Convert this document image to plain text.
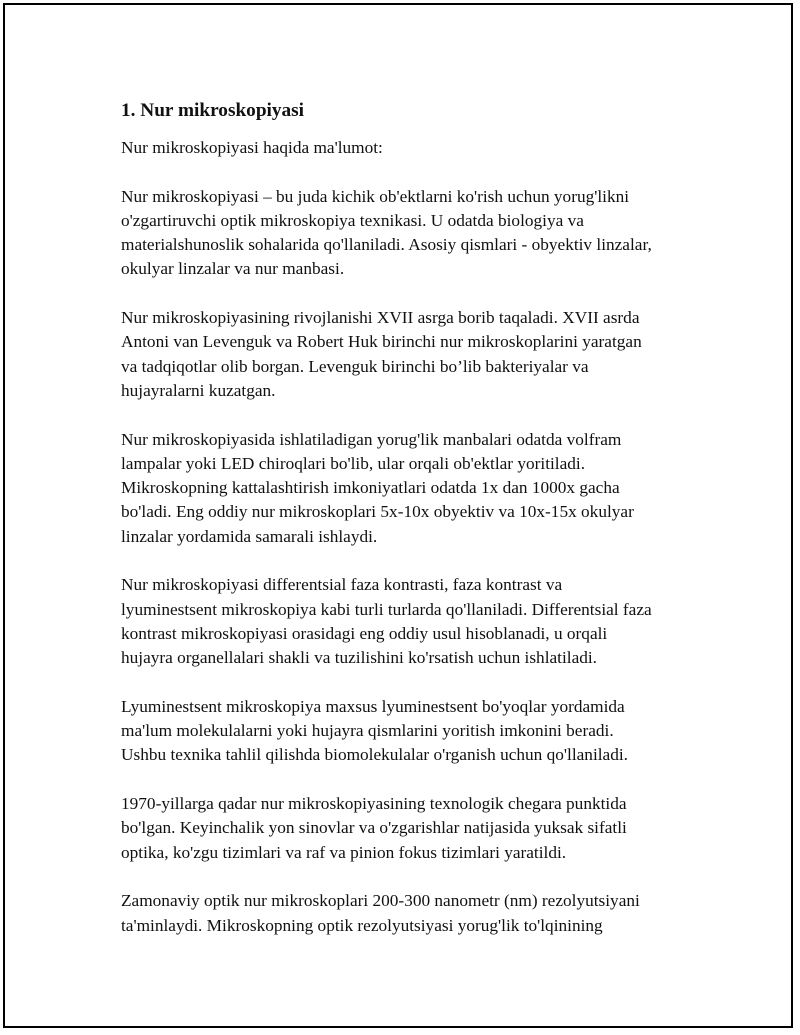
1. Nur mikroskopiyasi
Nur mikroskopiyasi haqida ma'lumot:
Nur mikroskopiyasi – bu juda kichik ob'ektlarni ko'rish uchun yorug'likni
o'zgartiruvchi optik mikroskopiya texnikasi. U odatda biologiya va
materialshunoslik sohalarida qo'llaniladi. Asosiy qismlari - obyektiv linzalar,
okulyar linzalar va nur manbasi.
Nur mikroskopiyasining rivojlanishi XVII asrga borib taqaladi. XVII asrda
Antoni van Levenguk va Robert Huk birinchi nur mikroskoplarini yaratgan
va tadqiqotlar olib borgan. Levenguk birinchi bo’lib bakteriyalar va
hujayralarni kuzatgan.
Nur mikroskopiyasida ishlatiladigan yorug'lik manbalari odatda volfram
lampalar yoki LED chiroqlari bo'lib, ular orqali ob'ektlar yoritiladi.
Mikroskopning kattalashtirish imkoniyatlari odatda 1x dan 1000x gacha
bo'ladi. Eng oddiy nur mikroskoplari 5x-10x obyektiv va 10x-15x okulyar
linzalar yordamida samarali ishlaydi.
Nur mikroskopiyasi differentsial faza kontrasti, faza kontrast va
lyuminestsent mikroskopiya kabi turli turlarda qo'llaniladi. Differentsial faza
kontrast mikroskopiyasi orasidagi eng oddiy usul hisoblanadi, u orqali
hujayra organellalari shakli va tuzilishini ko'rsatish uchun ishlatiladi.
Lyuminestsent mikroskopiya maxsus lyuminestsent bo'yoqlar yordamida
ma'lum molekulalarni yoki hujayra qismlarini yoritish imkonini beradi.
Ushbu texnika tahlil qilishda biomolekulalar o'rganish uchun qo'llaniladi.
1970-yillarga qadar nur mikroskopiyasining texnologik chegara punktida
bo'lgan. Keyinchalik yon sinovlar va o'zgarishlar natijasida yuksak sifatli
optika, ko'zgu tizimlari va raf va pinion fokus tizimlari yaratildi.
Zamonaviy optik nur mikroskoplari 200-300 nanometr (nm) rezolyutsiyani
ta'minlaydi. Mikroskopning optik rezolyutsiyasi yorug'lik to'lqinining
